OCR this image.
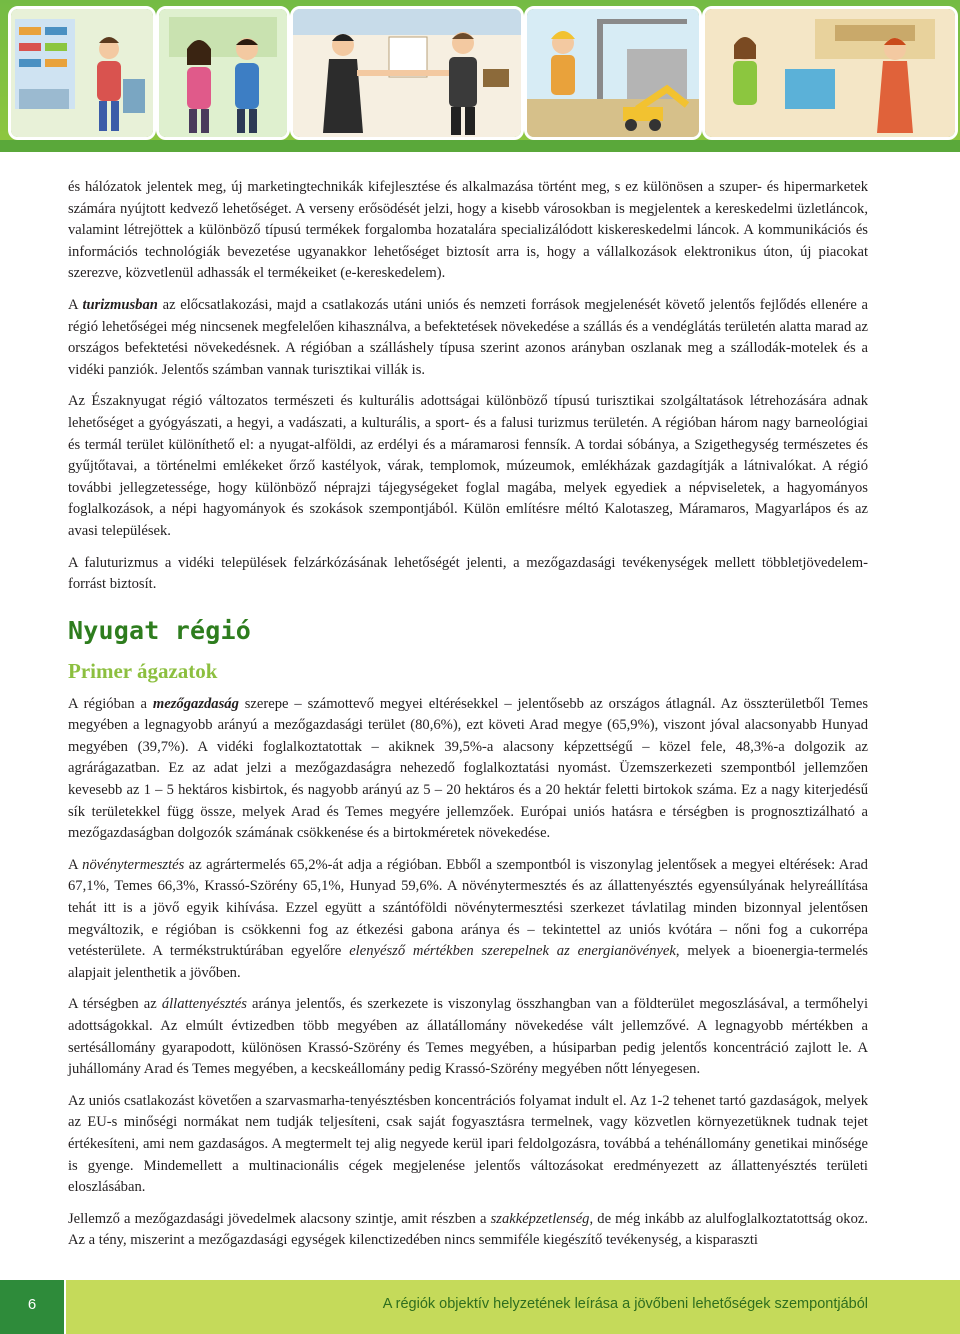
és hálózatok jelentek meg, új marketingtechnikák kifejlesztése és alkalmazása történt meg, s ez különösen a szuper- és hipermarketek számára nyújtott kedvező lehetőséget. A verseny erősödését jelzi, hogy a kisebb városokban is megjelentek a kereskedelmi üzletláncok, valamint létrejöttek a különböző típusú termékek forgalomba hozatalára specializálódott kiskereskedelmi láncok. A kommunikációs és információs technológiák bevezetése ugyanakkor lehetőséget biztosít arra is, hogy a vállalkozások elektronikus úton, új piacokat szerezve, közvetlenül adhassák el termékeiket (e-kereskedelem).

A turizmusban az előcsatlakozási, majd a csatlakozás utáni uniós és nemzeti források megjelenését követő jelentős fejlődés ellenére a régió lehetőségei még nincsenek megfelelően kihasználva, a befektetések növekedése a szállás és a vendéglátás területén alatta marad az országos befektetési növekedésnek. A régióban a szálláshely típusa szerint azonos arányban oszlanak meg a szállodák-motelek és a vidéki panziók. Jelentős számban vannak turisztikai villák is.

Az Északnyugat régió változatos természeti és kulturális adottságai különböző típusú turisztikai szolgáltatások létrehozására adnak lehetőséget a gyógyászati, a hegyi, a vadászati, a kulturális, a sport- és a falusi turizmus területén. A régióban három nagy barneológiai és termál terület különíthető el: a nyugat-alföldi, az erdélyi és a máramarosi fennsík. A tordai sóbánya, a Szigethegység természetes és gyűjtőtavai, a történelmi emlékeket őrző kastélyok, várak, templomok, múzeumok, emlékházak gazdagítják a látnivalókat. A régió további jellegzetessége, hogy különböző néprajzi tájegységeket foglal magába, melyek egyediek a népviseletek, a hagyományos foglalkozások, a népi hagyományok és szokások szempontjából. Külön említésre méltó Kalotaszeg, Máramaros, Magyarlápos és az avasi települések.

A faluturizmus a vidéki települések felzárkózásának lehetőségét jelenti, a mezőgazdasági tevékenységek mellett többletjövedelem-forrást biztosít.

Nyugat régió
Primer ágazatok

A régióban a mezőgazdaság szerepe – számottevő megyei eltérésekkel – jelentősebb az országos átlagnál. Az összterületből Temes megyében a legnagyobb arányú a mezőgazdasági terület (80,6%), ezt követi Arad megye (65,9%), viszont jóval alacsonyabb Hunyad megyében (39,7%). A vidéki foglalkoztatottak – akiknek 39,5%-a alacsony képzettségű – közel fele, 48,3%-a dolgozik az agrárágazatban. Ez az adat jelzi a mezőgazdaságra nehezedő foglalkoztatási nyomást. Üzemszerkezeti szempontból jellemzően kevesebb az 1 – 5 hektáros kisbirtok, és nagyobb arányú az 5 – 20 hektáros és a 20 hektár feletti birtokok száma. Ez a nagy kiterjedésű sík területekkel függ össze, melyek Arad és Temes megyére jellemzőek. Európai uniós hatásra e térségben is prognosztizálható a mezőgazdaságban dolgozók számának csökkenése és a birtokméretek növekedése.

A növénytermesztés az agrártermelés 65,2%-át adja a régióban. Ebből a szempontból is viszonylag jelentősek a megyei eltérések: Arad 67,1%, Temes 66,3%, Krassó-Szörény 65,1%, Hunyad 59,6%. A növénytermesztés és az állattenyésztés egyensúlyának helyreállítása tehát itt is a jövő egyik kihívása. Ezzel együtt a szántóföldi növénytermesztési szerkezet távlatilag minden bizonnyal jelentősen megváltozik, e régióban is csökkenni fog az étkezési gabona aránya és – tekintettel az uniós kvótára – nőni fog a cukorrépa vetésterülete. A termékstruktúrában egyelőre elenyésző mértékben szerepelnek az energianövények, melyek a bioenergia-termelés alapjait jelenthetik a jövőben.

A térségben az állattenyésztés aránya jelentős, és szerkezete is viszonylag összhangban van a földterület megoszlásával, a termőhelyi adottságokkal. Az elmúlt évtizedben több megyében az állatállomány növekedése vált jellemzővé. A legnagyobb mértékben a sertésállomány gyarapodott, különösen Krassó-Szörény és Temes megyében, a húsiparban pedig jelentős koncentráció zajlott le. A juhállomány Arad és Temes megyében, a kecskeállomány pedig Krassó-Szörény megyében nőtt lényegesen.

Az uniós csatlakozást követően a szarvasmarha-tenyésztésben koncentrációs folyamat indult el. Az 1-2 tehenet tartó gazdaságok, melyek az EU-s minőségi normákat nem tudják teljesíteni, csak saját fogyasztásra termelnek, vagy közvetlen környezetüknek tudnak tejet értékesíteni, ami nem gazdaságos. A megtermelt tej alig negyede kerül ipari feldolgozásra, továbbá a tehénállomány genetikai minősége is gyenge. Mindemellett a multinacionális cégek megjelenése jelentős változásokat eredményezett az állattenyésztés területi eloszlásában.

Jellemző a mezőgazdasági jövedelmek alacsony szintje, amit részben a szakképzetlenség, de még inkább az alulfoglalkoztatottság okoz. Az a tény, miszerint a mezőgazdasági egységek kilenctizedében nincs semmiféle kiegészítő tevékenység, a kisparaszti

6	A régiók objektív helyzetének leírása a jövőbeni lehetőségek szempontjából
